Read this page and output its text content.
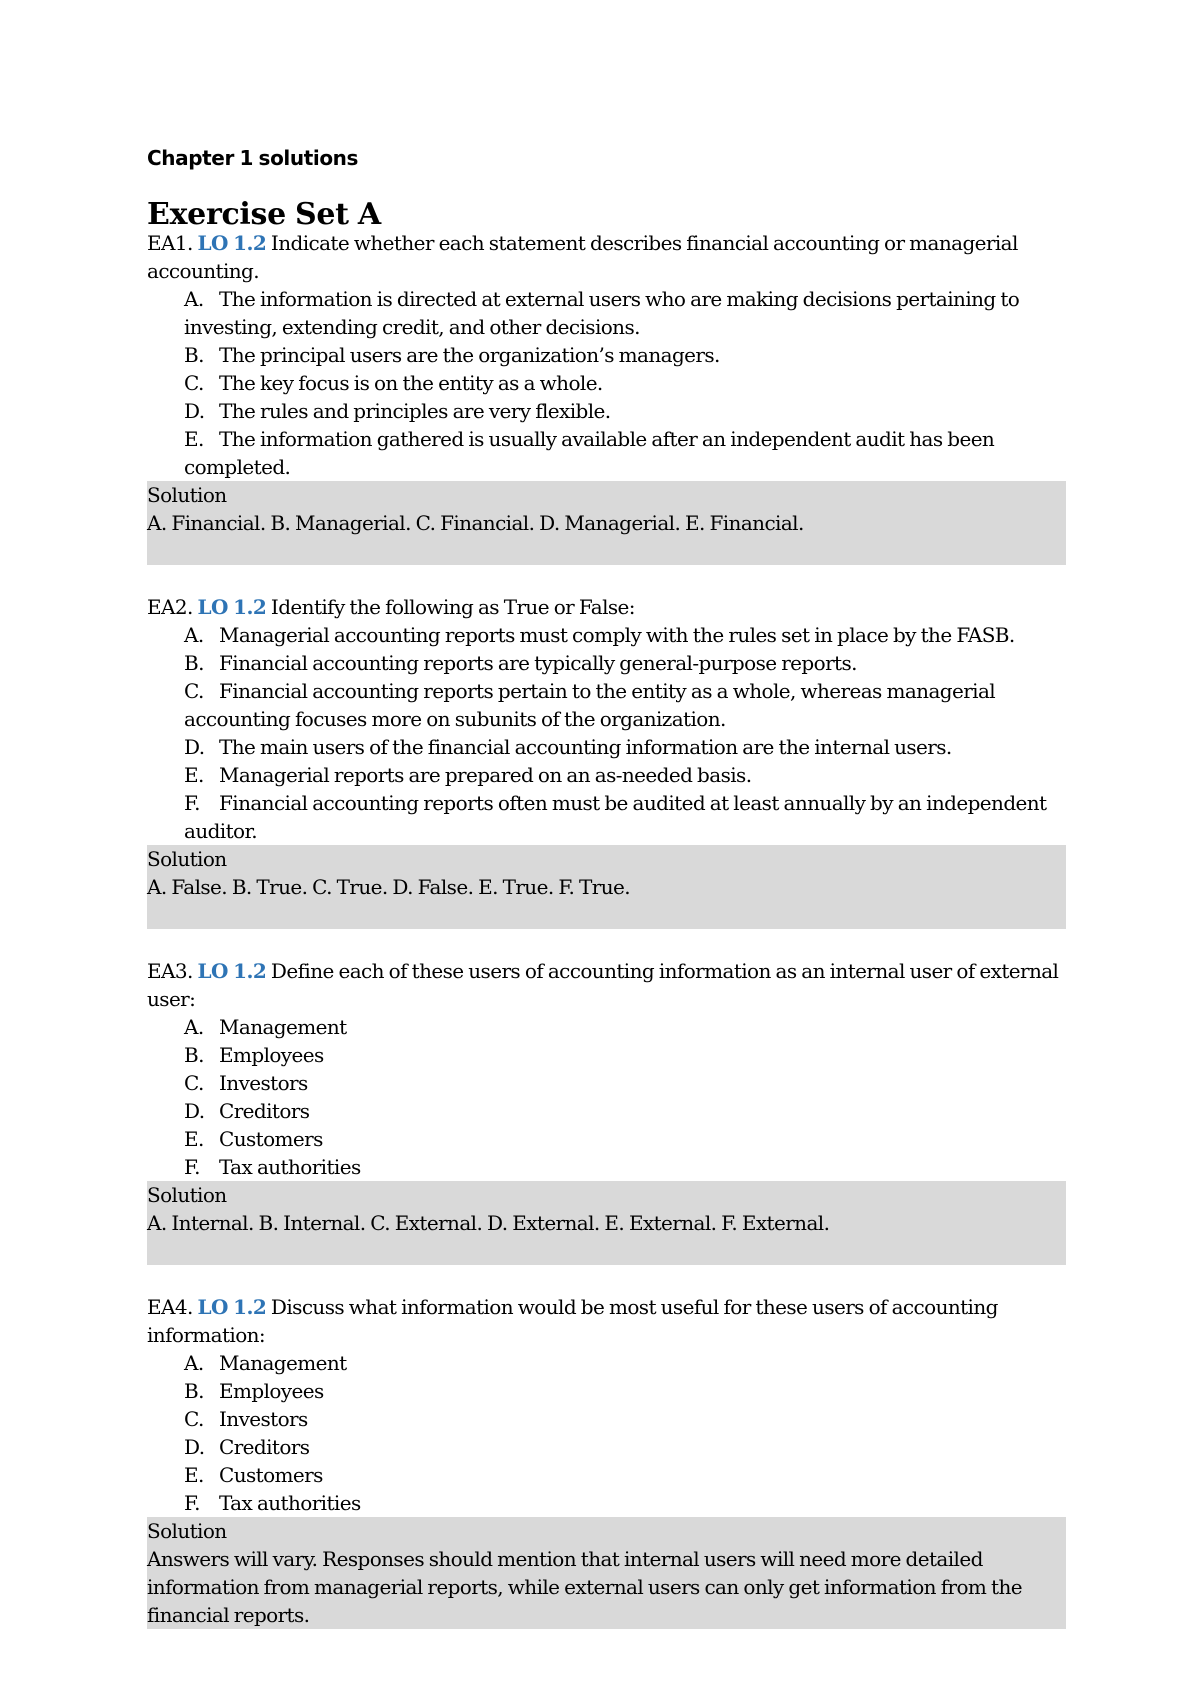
Chapter 1 solutions
Exercise Set A

EA1. LO 1.2 Indicate whether each statement describes financial accounting or managerial accounting.

A. The information is directed at external users who are making decisions pertaining to investing, extending credit, and other decisions.
B. The principal users are the organization’s managers.
C. The key focus is on the entity as a whole.
D. The rules and principles are very flexible.
E. The information gathered is usually available after an independent audit has been completed.

Solution

A. Financial. B. Managerial. C. Financial. D. Managerial. E. Financial.

EA2. LO 1.2 Identify the following as True or False:

A. Managerial accounting reports must comply with the rules set in place by the FASB.
B. Financial accounting reports are typically general-purpose reports.
C. Financial accounting reports pertain to the entity as a whole, whereas managerial accounting focuses more on subunits of the organization.
D. The main users of the financial accounting information are the internal users.
E. Managerial reports are prepared on an as-needed basis.
F. Financial accounting reports often must be audited at least annually by an independent auditor.

Solution

A. False. B. True. C. True. D. False. E. True. F. True.

EA3. LO 1.2 Define each of these users of accounting information as an internal user of external user:

A. Management
B. Employees
C. Investors
D. Creditors
E. Customers
F. Tax authorities

Solution

A. Internal. B. Internal. C. External. D. External. E. External. F. External.

EA4. LO 1.2 Discuss what information would be most useful for these users of accounting information:

A. Management
B. Employees
C. Investors
D. Creditors
E. Customers
F. Tax authorities

Solution

Answers will vary. Responses should mention that internal users will need more detailed information from managerial reports, while external users can only get information from the financial reports.
